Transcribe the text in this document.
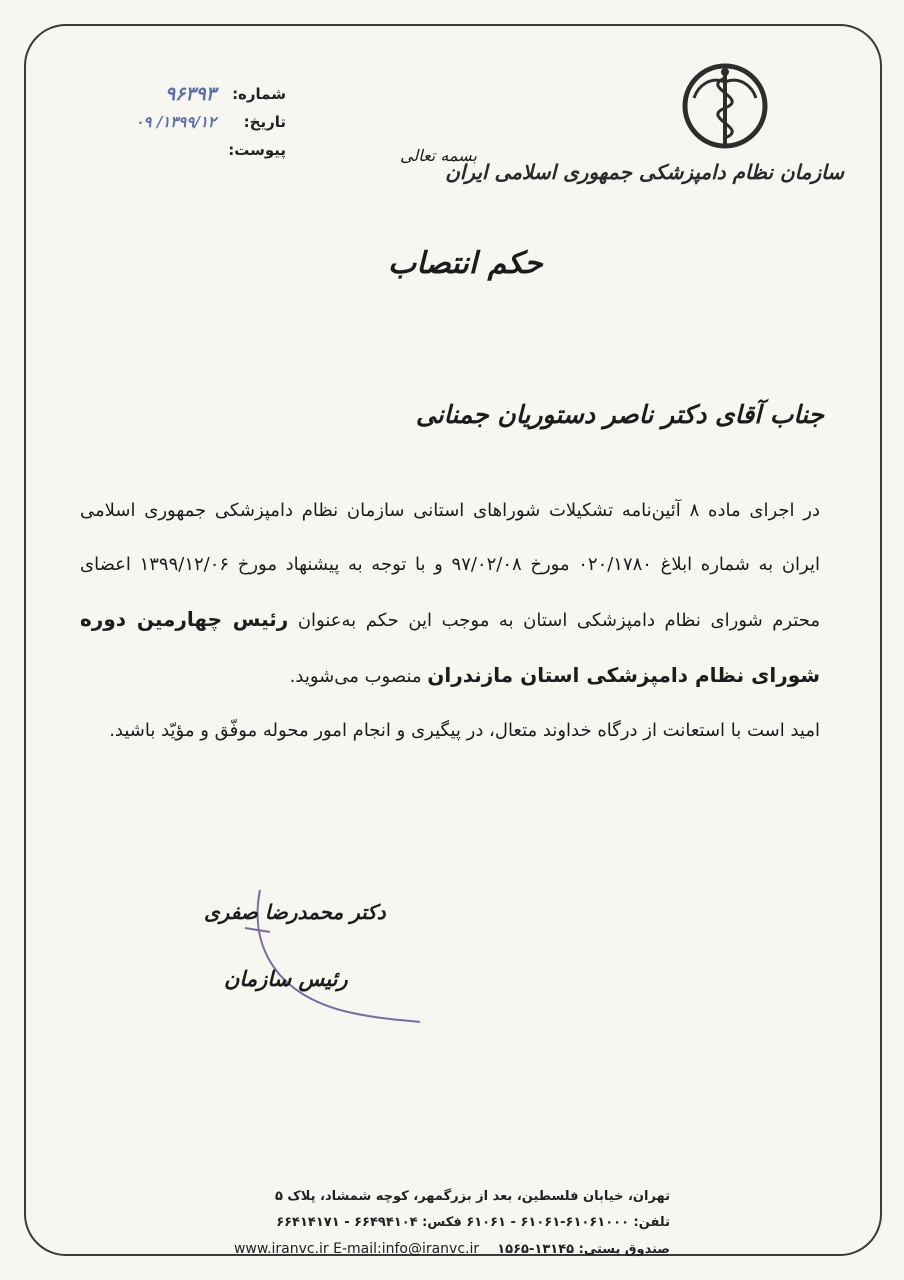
سازمان نظام دامپزشکی جمهوری اسلامی ایران
شماره:
۹۶۳۹۳
تاریخ:
۱۳۹۹/۱۲/ ۰۹
پیوست:	بسمه تعالی
حکم انتصاب
جناب آقای دکتر ناصر دستوریان جمنانی
در اجرای ماده ۸ آئین‌نامه تشکیلات شوراهای استانی سازمان نظام دامپزشکی جمهوری اسلامی ایران به شماره ابلاغ ۰۲۰/۱۷۸۰ مورخ ۹۷/۰۲/۰۸ و با توجه به پیشنهاد مورخ ۱۳۹۹/۱۲/۰۶ اعضای محترم شورای نظام دامپزشکی استان به موجب این حکم به‌عنوان رئیس چهارمین دوره شورای نظام دامپزشکی استان مازندران منصوب می‌شوید.
امید است با استعانت از درگاه خداوند متعال، در پیگیری و انجام امور محوله موفّق و مؤیّد باشید.
دکتر محمدرضا صفری
رئیس سازمان
تهران، خیابان فلسطین، بعد از بزرگمهر، کوچه شمشاد، پلاک ۵
تلفن: ۶۱۰۶۱۰۰۰-۶۱۰۶۱ - ۶۱۰۶۱ فکس: ۶۶۴۹۴۱۰۴ - ۶۶۴۱۴۱۷۱
صندوق پستی: ۱۳۱۴۵-۱۵۶۵    www.iranvc.ir E-mail:info@iranvc.ir
